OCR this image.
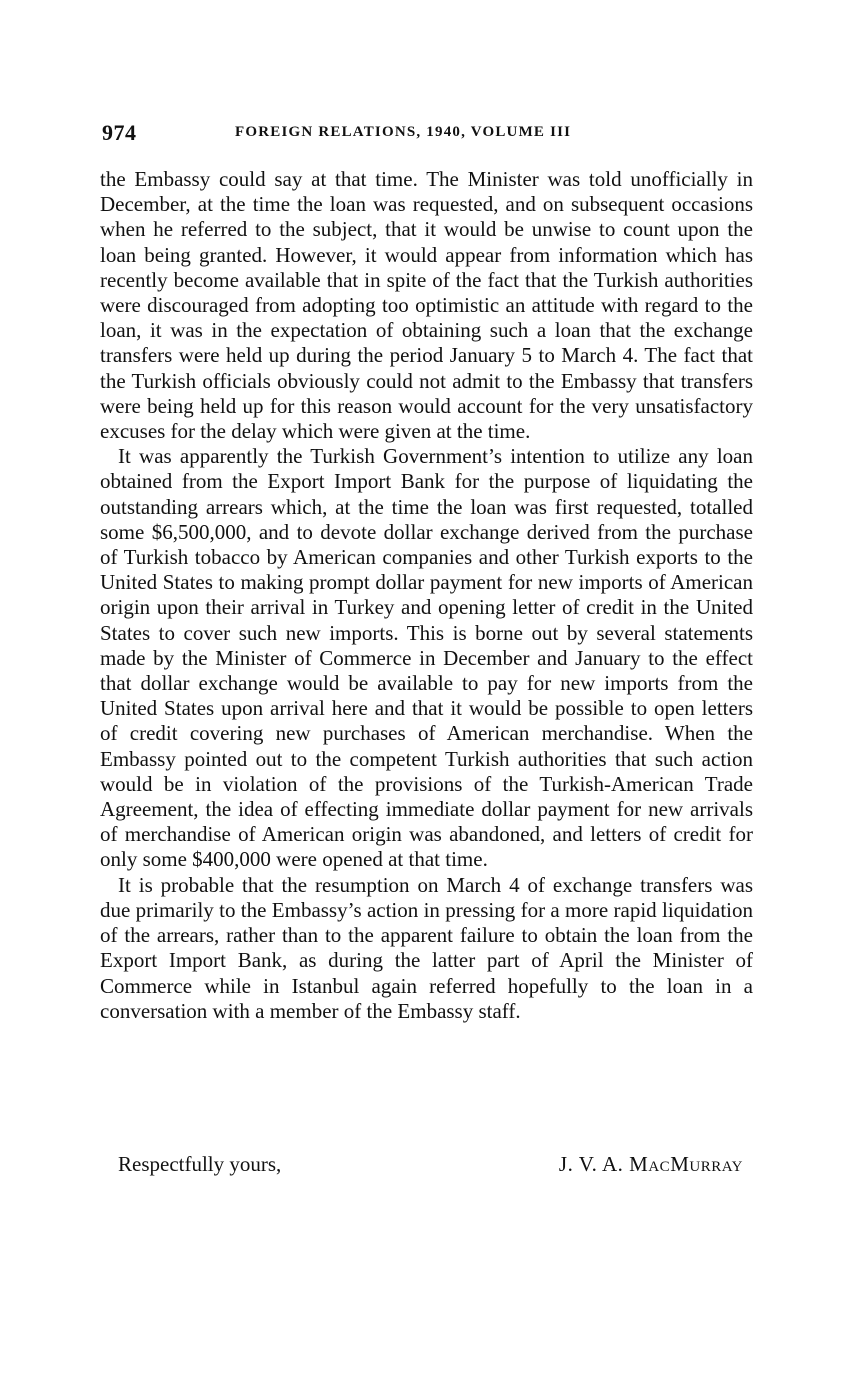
974	FOREIGN RELATIONS, 1940, VOLUME III

the Embassy could say at that time. The Minister was told unofficially in December, at the time the loan was requested, and on subsequent occasions when he referred to the subject, that it would be unwise to count upon the loan being granted. However, it would appear from information which has recently become available that in spite of the fact that the Turkish authorities were discouraged from adopting too optimistic an attitude with regard to the loan, it was in the expectation of obtaining such a loan that the exchange transfers were held up during the period January 5 to March 4. The fact that the Turkish officials obviously could not admit to the Embassy that transfers were being held up for this reason would account for the very unsatisfactory excuses for the delay which were given at the time.

It was apparently the Turkish Government’s intention to utilize any loan obtained from the Export Import Bank for the purpose of liquidating the outstanding arrears which, at the time the loan was first requested, totalled some $6,500,000, and to devote dollar exchange derived from the purchase of Turkish tobacco by American companies and other Turkish exports to the United States to making prompt dollar payment for new imports of American origin upon their arrival in Turkey and opening letter of credit in the United States to cover such new imports. This is borne out by several statements made by the Minister of Commerce in December and January to the effect that dollar exchange would be available to pay for new imports from the United States upon arrival here and that it would be possible to open letters of credit covering new purchases of American merchandise. When the Embassy pointed out to the competent Turkish authorities that such action would be in violation of the provisions of the Turkish-American Trade Agreement, the idea of effecting immediate dollar payment for new arrivals of merchandise of American origin was abandoned, and letters of credit for only some $400,000 were opened at that time.

It is probable that the resumption on March 4 of exchange transfers was due primarily to the Embassy’s action in pressing for a more rapid liquidation of the arrears, rather than to the apparent failure to obtain the loan from the Export Import Bank, as during the latter part of April the Minister of Commerce while in Istanbul again referred hopefully to the loan in a conversation with a member of the Embassy staff.

Respectfully yours,	J. V. A. MacMurray
